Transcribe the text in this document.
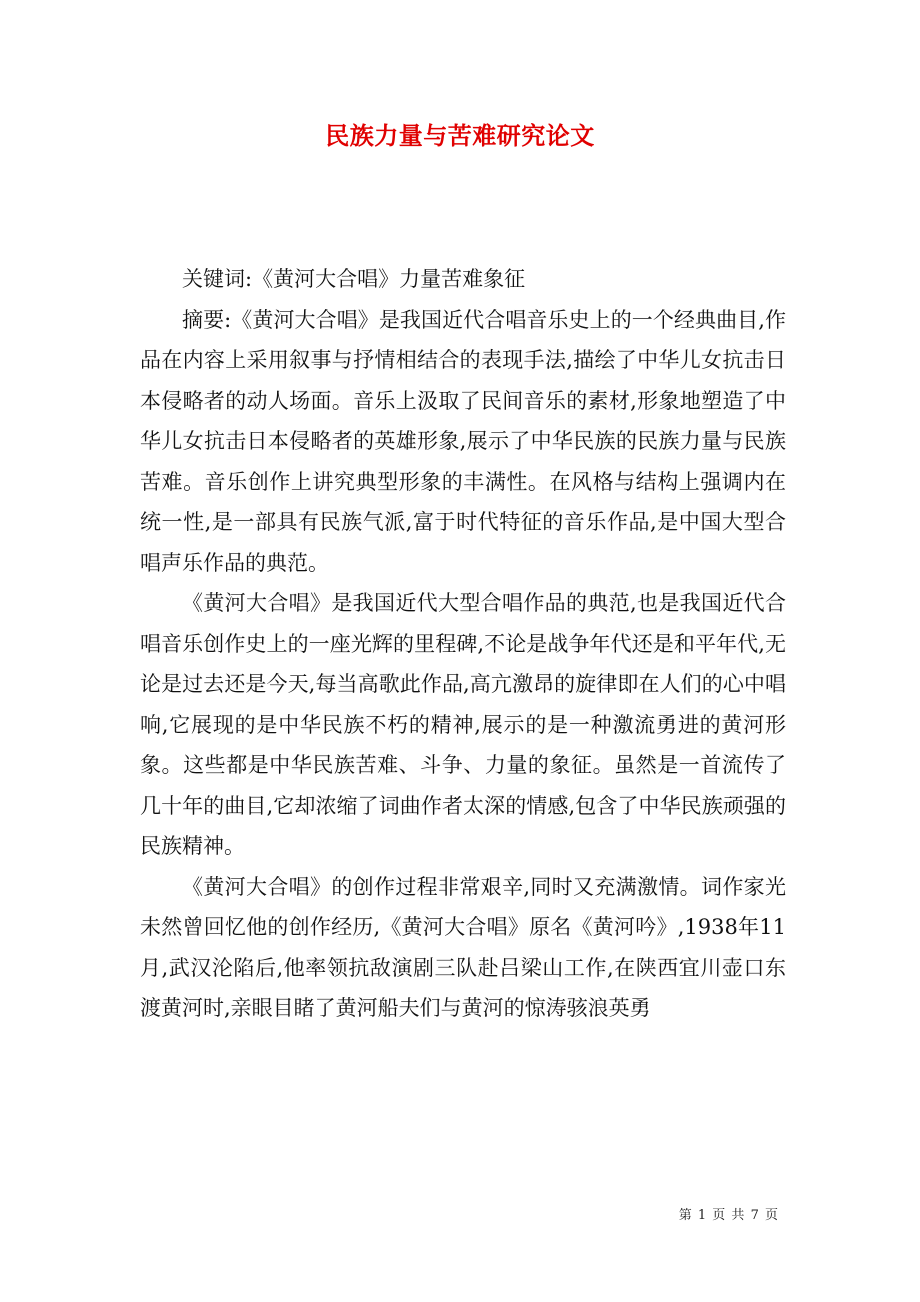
民族力量与苦难研究论文

关键词:《黄河大合唱》力量苦难象征

摘要:《黄河大合唱》是我国近代合唱音乐史上的一个经典曲目,作品在内容上采用叙事与抒情相结合的表现手法,描绘了中华儿女抗击日本侵略者的动人场面。音乐上汲取了民间音乐的素材,形象地塑造了中华儿女抗击日本侵略者的英雄形象,展示了中华民族的民族力量与民族苦难。音乐创作上讲究典型形象的丰满性。在风格与结构上强调内在统一性,是一部具有民族气派,富于时代特征的音乐作品,是中国大型合唱声乐作品的典范。

《黄河大合唱》是我国近代大型合唱作品的典范,也是我国近代合唱音乐创作史上的一座光辉的里程碑,不论是战争年代还是和平年代,无论是过去还是今天,每当高歌此作品,高亢激昂的旋律即在人们的心中唱响,它展现的是中华民族不朽的精神,展示的是一种激流勇进的黄河形象。这些都是中华民族苦难、斗争、力量的象征。虽然是一首流传了几十年的曲目,它却浓缩了词曲作者太深的情感,包含了中华民族顽强的民族精神。

《黄河大合唱》的创作过程非常艰辛,同时又充满激情。词作家光未然曾回忆他的创作经历,《黄河大合唱》原名《黄河吟》,1938年11月,武汉沦陷后,他率领抗敌演剧三队赴吕梁山工作,在陕西宜川壶口东渡黄河时,亲眼目睹了黄河船夫们与黄河的惊涛骇浪英勇

第 1 页 共 7 页
